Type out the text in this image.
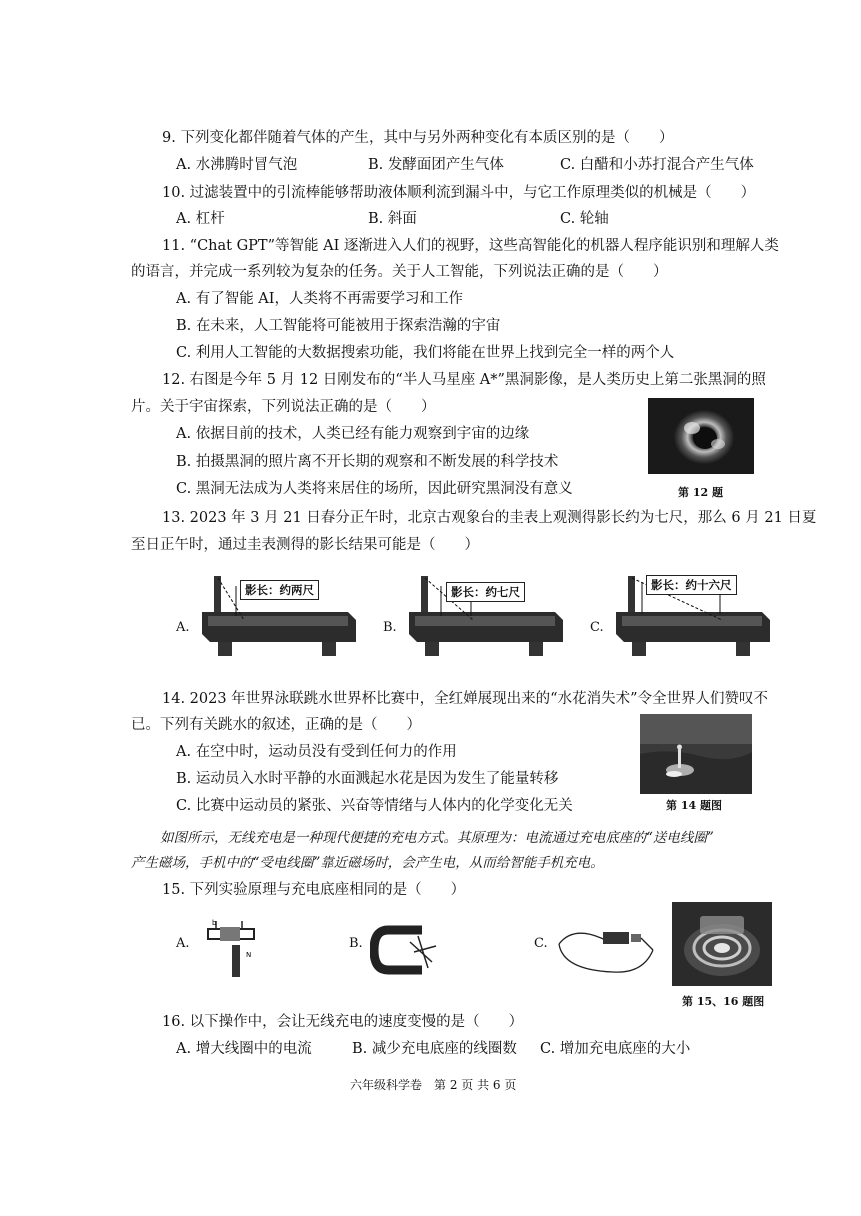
9. 下列变化都伴随着气体的产生，其中与另外两种变化有本质区别的是（　　）
A. 水沸腾时冒气泡	B. 发酵面团产生气体	C. 白醋和小苏打混合产生气体
10. 过滤装置中的引流棒能够帮助液体顺利流到漏斗中，与它工作原理类似的机械是（　　）
A. 杠杆	B. 斜面	C. 轮轴
11. “Chat GPT”等智能 AI 逐渐进入人们的视野，这些高智能化的机器人程序能识别和理解人类
的语言，并完成一系列较为复杂的任务。关于人工智能，下列说法正确的是（　　）
A. 有了智能 AI，人类将不再需要学习和工作
B. 在未来，人工智能将可能被用于探索浩瀚的宇宙
C. 利用人工智能的大数据搜索功能，我们将能在世界上找到完全一样的两个人
12. 右图是今年 5 月 12 日刚发布的“半人马星座 A*”黑洞影像，是人类历史上第二张黑洞的照
片。关于宇宙探索，下列说法正确的是（　　）
A. 依据目前的技术，人类已经有能力观察到宇宙的边缘
B. 拍摄黑洞的照片离不开长期的观察和不断发展的科学技术
C. 黑洞无法成为人类将来居住的场所，因此研究黑洞没有意义	第 12 题
13. 2023 年 3 月 21 日春分正午时，北京古观象台的圭表上观测得影长约为七尺，那么 6 月 21 日夏
至日正午时，通过圭表测得的影长结果可能是（　　）
A.
影长：约两尺
B.
影长：约七尺
C.
影长：约十六尺
14. 2023 年世界泳联跳水世界杯比赛中，全红婵展现出来的“水花消失术”令全世界人们赞叹不
已。下列有关跳水的叙述，正确的是（　　）
A. 在空中时，运动员没有受到任何力的作用
B. 运动员入水时平静的水面溅起水花是因为发生了能量转移
C. 比赛中运动员的紧张、兴奋等情绪与人体内的化学变化无关	第 14 题图
如图所示，无线充电是一种现代便捷的充电方式。其原理为：电流通过充电底座的“送电线圈”
产生磁场，手机中的“受电线圈”靠近磁场时，会产生电，从而给智能手机充电。
15. 下列实验原理与充电底座相同的是（　　）
A.
b
N
B.	C.
第 15、16 题图
16. 以下操作中，会让无线充电的速度变慢的是（　　）
A. 增大线圈中的电流	B. 减少充电底座的线圈数 C. 增加充电底座的大小
六年级科学卷　第 2 页 共 6 页
